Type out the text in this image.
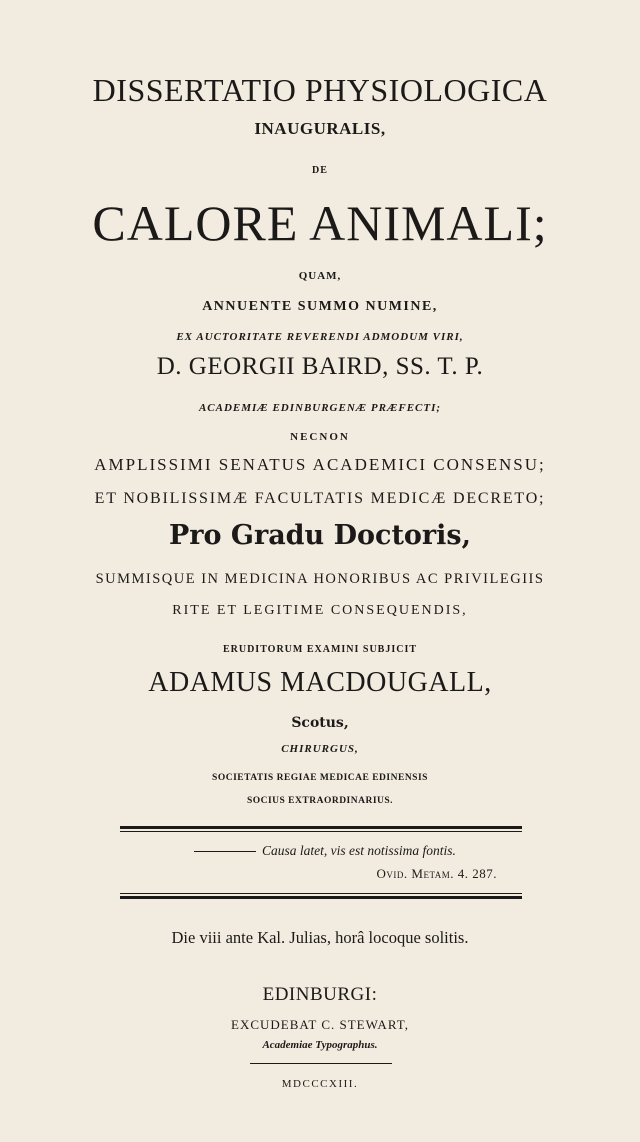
DISSERTATIO PHYSIOLOGICA
INAUGURALIS,
DE
CALORE ANIMALI;
QUAM,
ANNUENTE SUMMO NUMINE,
EX AUCTORITATE REVERENDI ADMODUM VIRI,
D. GEORGII BAIRD, SS. T. P.
ACADEMIÆ EDINBURGENÆ PRÆFECTI;
NECNON
AMPLISSIMI SENATUS ACADEMICI CONSENSU;
ET NOBILISSIMÆ FACULTATIS MEDICÆ DECRETO;
Pro Gradu Doctoris,
SUMMISQUE IN MEDICINA HONORIBUS AC PRIVILEGIIS
RITE ET LEGITIME CONSEQUENDIS,
ERUDITORUM EXAMINI SUBJICIT
ADAMUS MACDOUGALL,
Scotus,
CHIRURGUS,
SOCIETATIS REGIAE MEDICAE EDINENSIS
SOCIUS EXTRAORDINARIUS.
Causa latet, vis est notissima fontis.
Ovid. Metam. 4. 287.
Die viii ante Kal. Julias, horâ locoque solitis.
EDINBURGI:
EXCUDEBAT C. STEWART,
Academiae Typographus.
MDCCCXIII.
